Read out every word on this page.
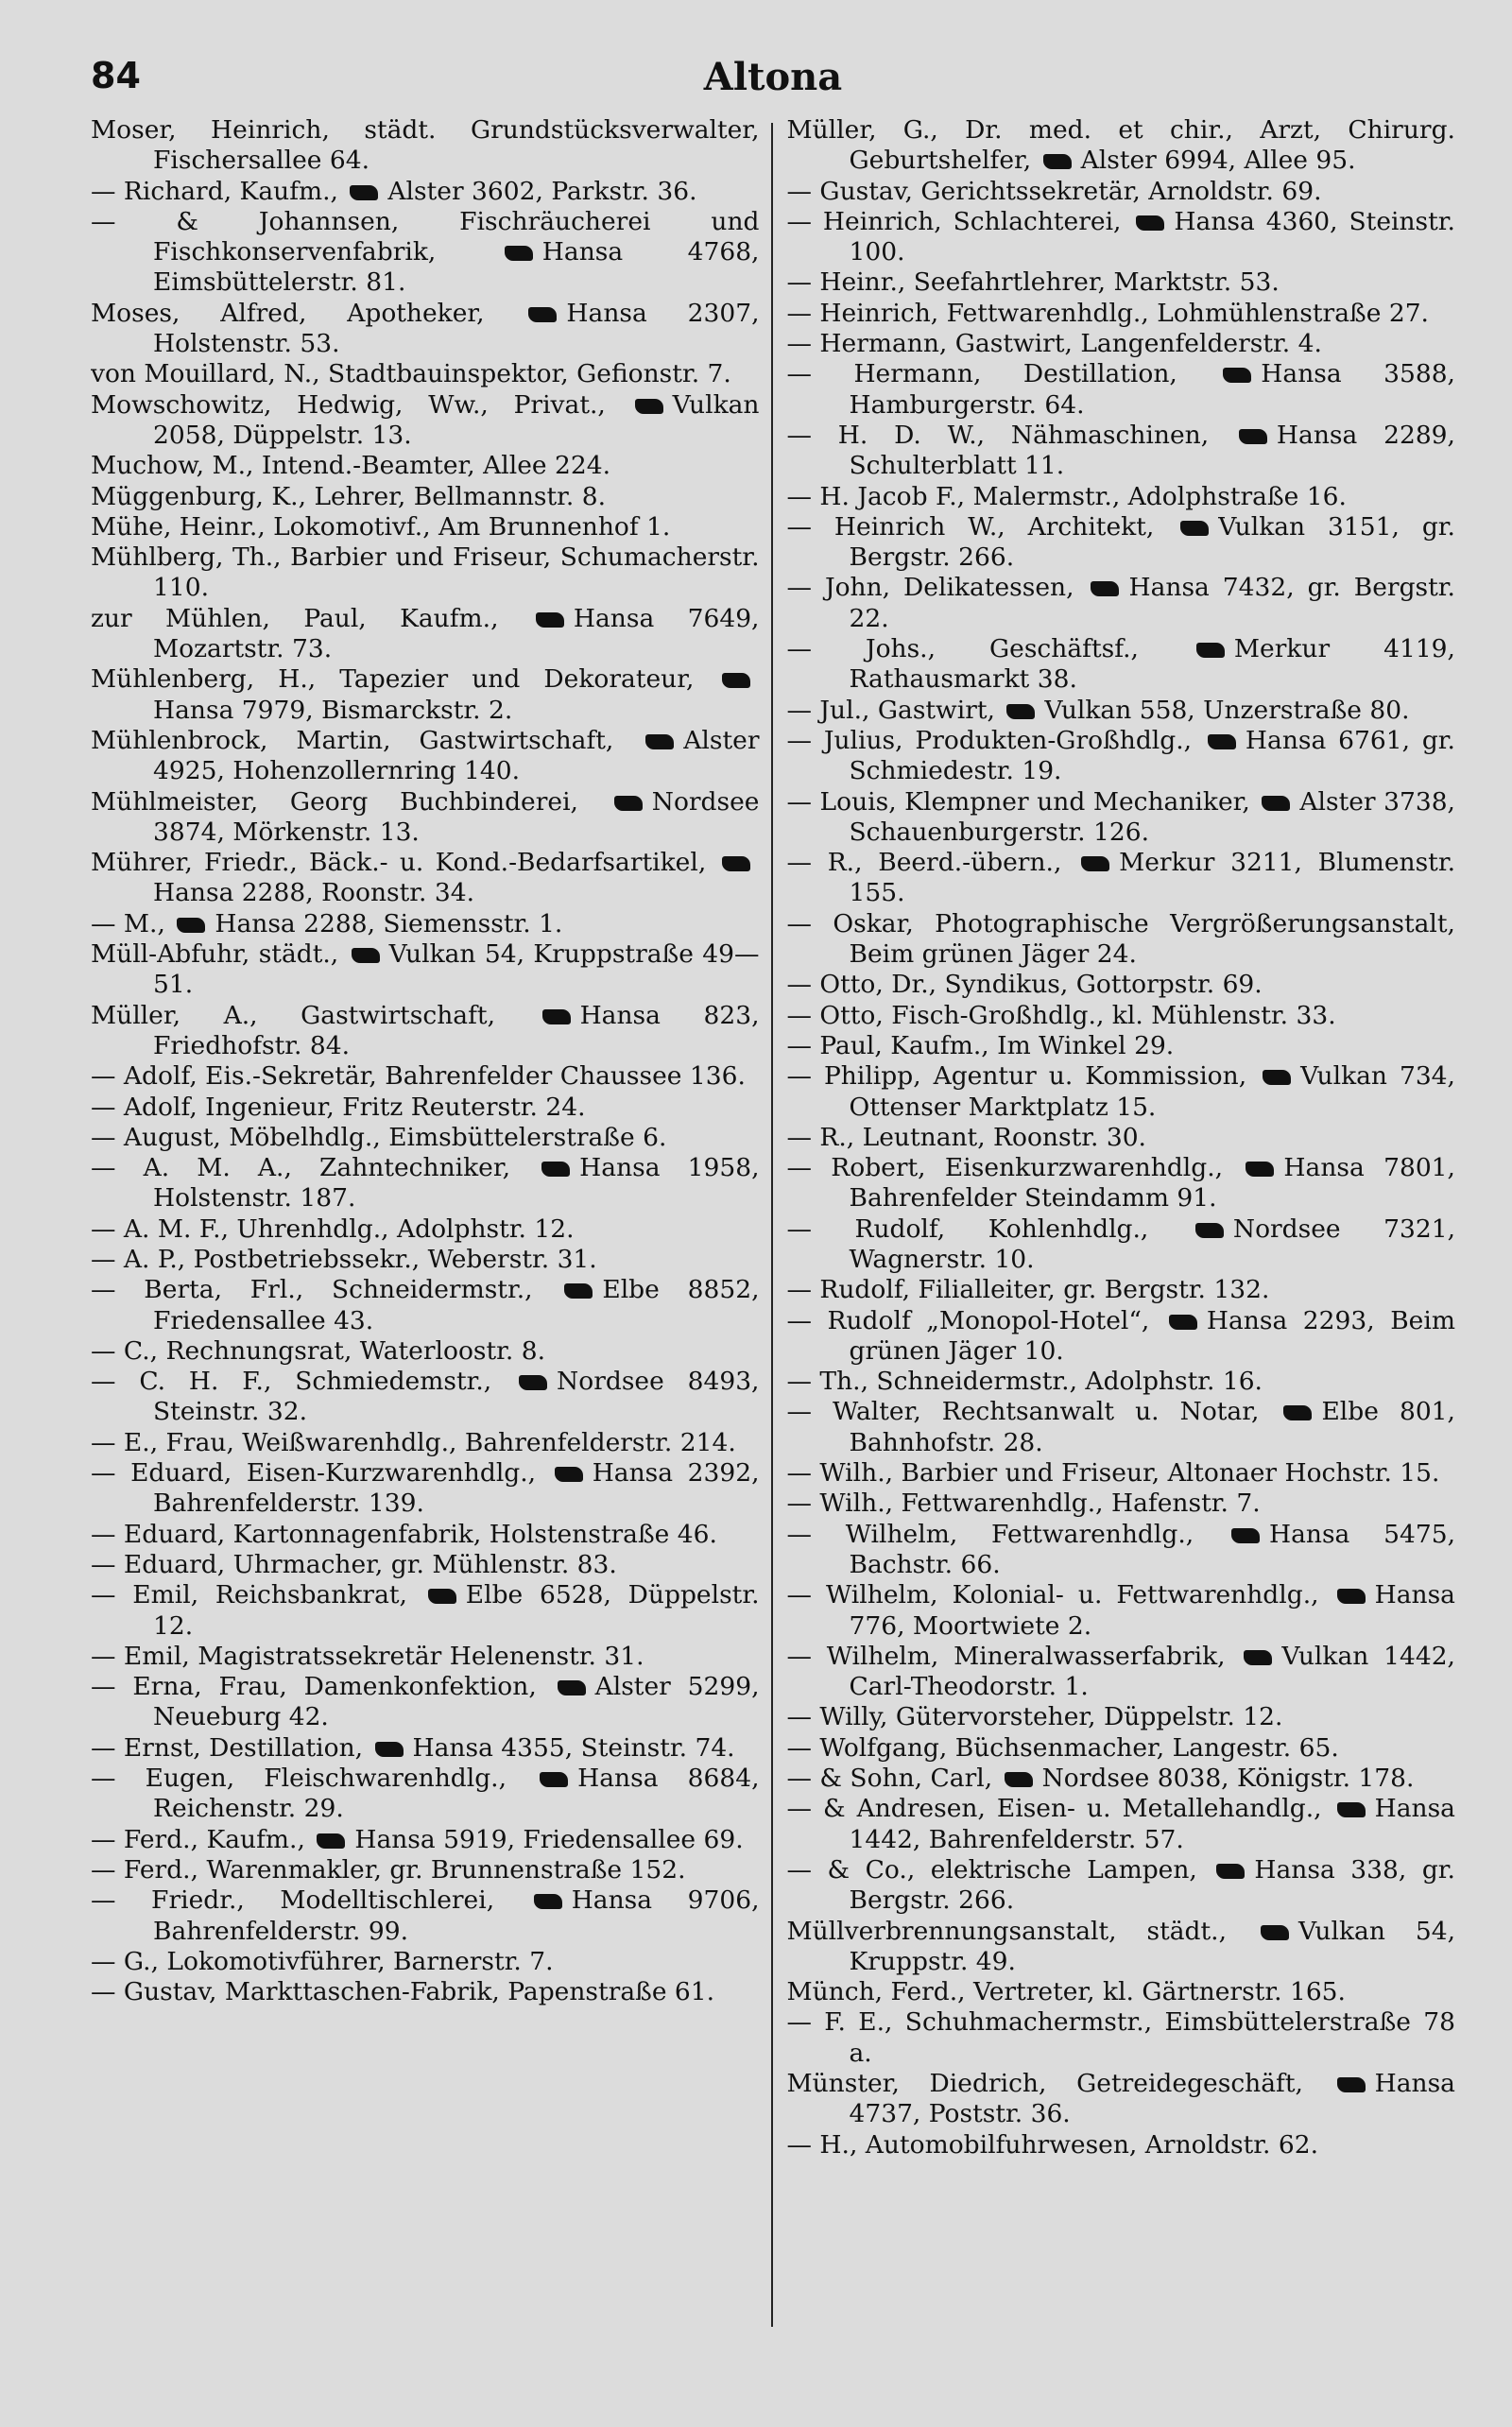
84	Altona
Moser, Heinrich, städt. Grundstücksverwalter, Fischersallee 64.
— Richard, Kaufm., Alster 3602, Parkstr. 36.
— & Johannsen, Fischräucherei und Fischkonservenfabrik, Hansa 4768, Eimsbüttelerstr. 81.
Moses, Alfred, Apotheker, Hansa 2307, Holstenstr. 53.
von Mouillard, N., Stadtbauinspektor, Gefionstr. 7.
Mowschowitz, Hedwig, Ww., Privat., Vulkan 2058, Düppelstr. 13.
Muchow, M., Intend.-Beamter, Allee 224.
Müggenburg, K., Lehrer, Bellmannstr. 8.
Mühe, Heinr., Lokomotivf., Am Brunnenhof 1.
Mühlberg, Th., Barbier und Friseur, Schumacherstr. 110.
zur Mühlen, Paul, Kaufm., Hansa 7649, Mozartstr. 73.
Mühlenberg, H., Tapezier und Dekorateur, Hansa 7979, Bismarckstr. 2.
Mühlenbrock, Martin, Gastwirtschaft, Alster 4925, Hohenzollernring 140.
Mühlmeister, Georg Buchbinderei, Nordsee 3874, Mörkenstr. 13.
Mührer, Friedr., Bäck.- u. Kond.-Bedarfsartikel, Hansa 2288, Roonstr. 34.
— M., Hansa 2288, Siemensstr. 1.
Müll-Abfuhr, städt., Vulkan 54, Kruppstraße 49—51.
Müller, A., Gastwirtschaft, Hansa 823, Friedhofstr. 84.
— Adolf, Eis.-Sekretär, Bahrenfelder Chaussee 136.
— Adolf, Ingenieur, Fritz Reuterstr. 24.
— August, Möbelhdlg., Eimsbüttelerstraße 6.
— A. M. A., Zahntechniker, Hansa 1958, Holstenstr. 187.
— A. M. F., Uhrenhdlg., Adolphstr. 12.
— A. P., Postbetriebssekr., Weberstr. 31.
— Berta, Frl., Schneidermstr., Elbe 8852, Friedensallee 43.
— C., Rechnungsrat, Waterloostr. 8.
— C. H. F., Schmiedemstr., Nordsee 8493, Steinstr. 32.
— E., Frau, Weißwarenhdlg., Bahrenfelderstr. 214.
— Eduard, Eisen-Kurzwarenhdlg., Hansa 2392, Bahrenfelderstr. 139.
— Eduard, Kartonnagenfabrik, Holstenstraße 46.
— Eduard, Uhrmacher, gr. Mühlenstr. 83.
— Emil, Reichsbankrat, Elbe 6528, Düppelstr. 12.
— Emil, Magistratssekretär Helenenstr. 31.
— Erna, Frau, Damenkonfektion, Alster 5299, Neueburg 42.
— Ernst, Destillation, Hansa 4355, Steinstr. 74.
— Eugen, Fleischwarenhdlg., Hansa 8684, Reichenstr. 29.
— Ferd., Kaufm., Hansa 5919, Friedensallee 69.
— Ferd., Warenmakler, gr. Brunnenstraße 152.
— Friedr., Modelltischlerei, Hansa 9706, Bahrenfelderstr. 99.
— G., Lokomotivführer, Barnerstr. 7.
— Gustav, Markttaschen-Fabrik, Papenstraße 61.
Müller, G., Dr. med. et chir., Arzt, Chirurg. Geburtshelfer, Alster 6994, Allee 95.
— Gustav, Gerichtssekretär, Arnoldstr. 69.
— Heinrich, Schlachterei, Hansa 4360, Steinstr. 100.
— Heinr., Seefahrtlehrer, Marktstr. 53.
— Heinrich, Fettwarenhdlg., Lohmühlenstraße 27.
— Hermann, Gastwirt, Langenfelderstr. 4.
— Hermann, Destillation, Hansa 3588, Hamburgerstr. 64.
— H. D. W., Nähmaschinen, Hansa 2289, Schulterblatt 11.
— H. Jacob F., Malermstr., Adolphstraße 16.
— Heinrich W., Architekt, Vulkan 3151, gr. Bergstr. 266.
— John, Delikatessen, Hansa 7432, gr. Bergstr. 22.
— Johs., Geschäftsf., Merkur 4119, Rathausmarkt 38.
— Jul., Gastwirt, Vulkan 558, Unzerstraße 80.
— Julius, Produkten-Großhdlg., Hansa 6761, gr. Schmiedestr. 19.
— Louis, Klempner und Mechaniker, Alster 3738, Schauenburgerstr. 126.
— R., Beerd.-übern., Merkur 3211, Blumenstr. 155.
— Oskar, Photographische Vergrößerungsanstalt, Beim grünen Jäger 24.
— Otto, Dr., Syndikus, Gottorpstr. 69.
— Otto, Fisch-Großhdlg., kl. Mühlenstr. 33.
— Paul, Kaufm., Im Winkel 29.
— Philipp, Agentur u. Kommission, Vulkan 734, Ottenser Marktplatz 15.
— R., Leutnant, Roonstr. 30.
— Robert, Eisenkurzwarenhdlg., Hansa 7801, Bahrenfelder Steindamm 91.
— Rudolf, Kohlenhdlg., Nordsee 7321, Wagnerstr. 10.
— Rudolf, Filialleiter, gr. Bergstr. 132.
— Rudolf „Monopol-Hotel“, Hansa 2293, Beim grünen Jäger 10.
— Th., Schneidermstr., Adolphstr. 16.
— Walter, Rechtsanwalt u. Notar, Elbe 801, Bahnhofstr. 28.
— Wilh., Barbier und Friseur, Altonaer Hochstr. 15.
— Wilh., Fettwarenhdlg., Hafenstr. 7.
— Wilhelm, Fettwarenhdlg., Hansa 5475, Bachstr. 66.
— Wilhelm, Kolonial- u. Fettwarenhdlg., Hansa 776, Moortwiete 2.
— Wilhelm, Mineralwasserfabrik, Vulkan 1442, Carl-Theodorstr. 1.
— Willy, Gütervorsteher, Düppelstr. 12.
— Wolfgang, Büchsenmacher, Langestr. 65.
— & Sohn, Carl, Nordsee 8038, Königstr. 178.
— & Andresen, Eisen- u. Metallehandlg., Hansa 1442, Bahrenfelderstr. 57.
— & Co., elektrische Lampen, Hansa 338, gr. Bergstr. 266.
Müllverbrennungsanstalt, städt., Vulkan 54, Kruppstr. 49.
Münch, Ferd., Vertreter, kl. Gärtnerstr. 165.
— F. E., Schuhmachermstr., Eimsbüttelerstraße 78 a.
Münster, Diedrich, Getreidegeschäft, Hansa 4737, Poststr. 36.
— H., Automobilfuhrwesen, Arnoldstr. 62.
